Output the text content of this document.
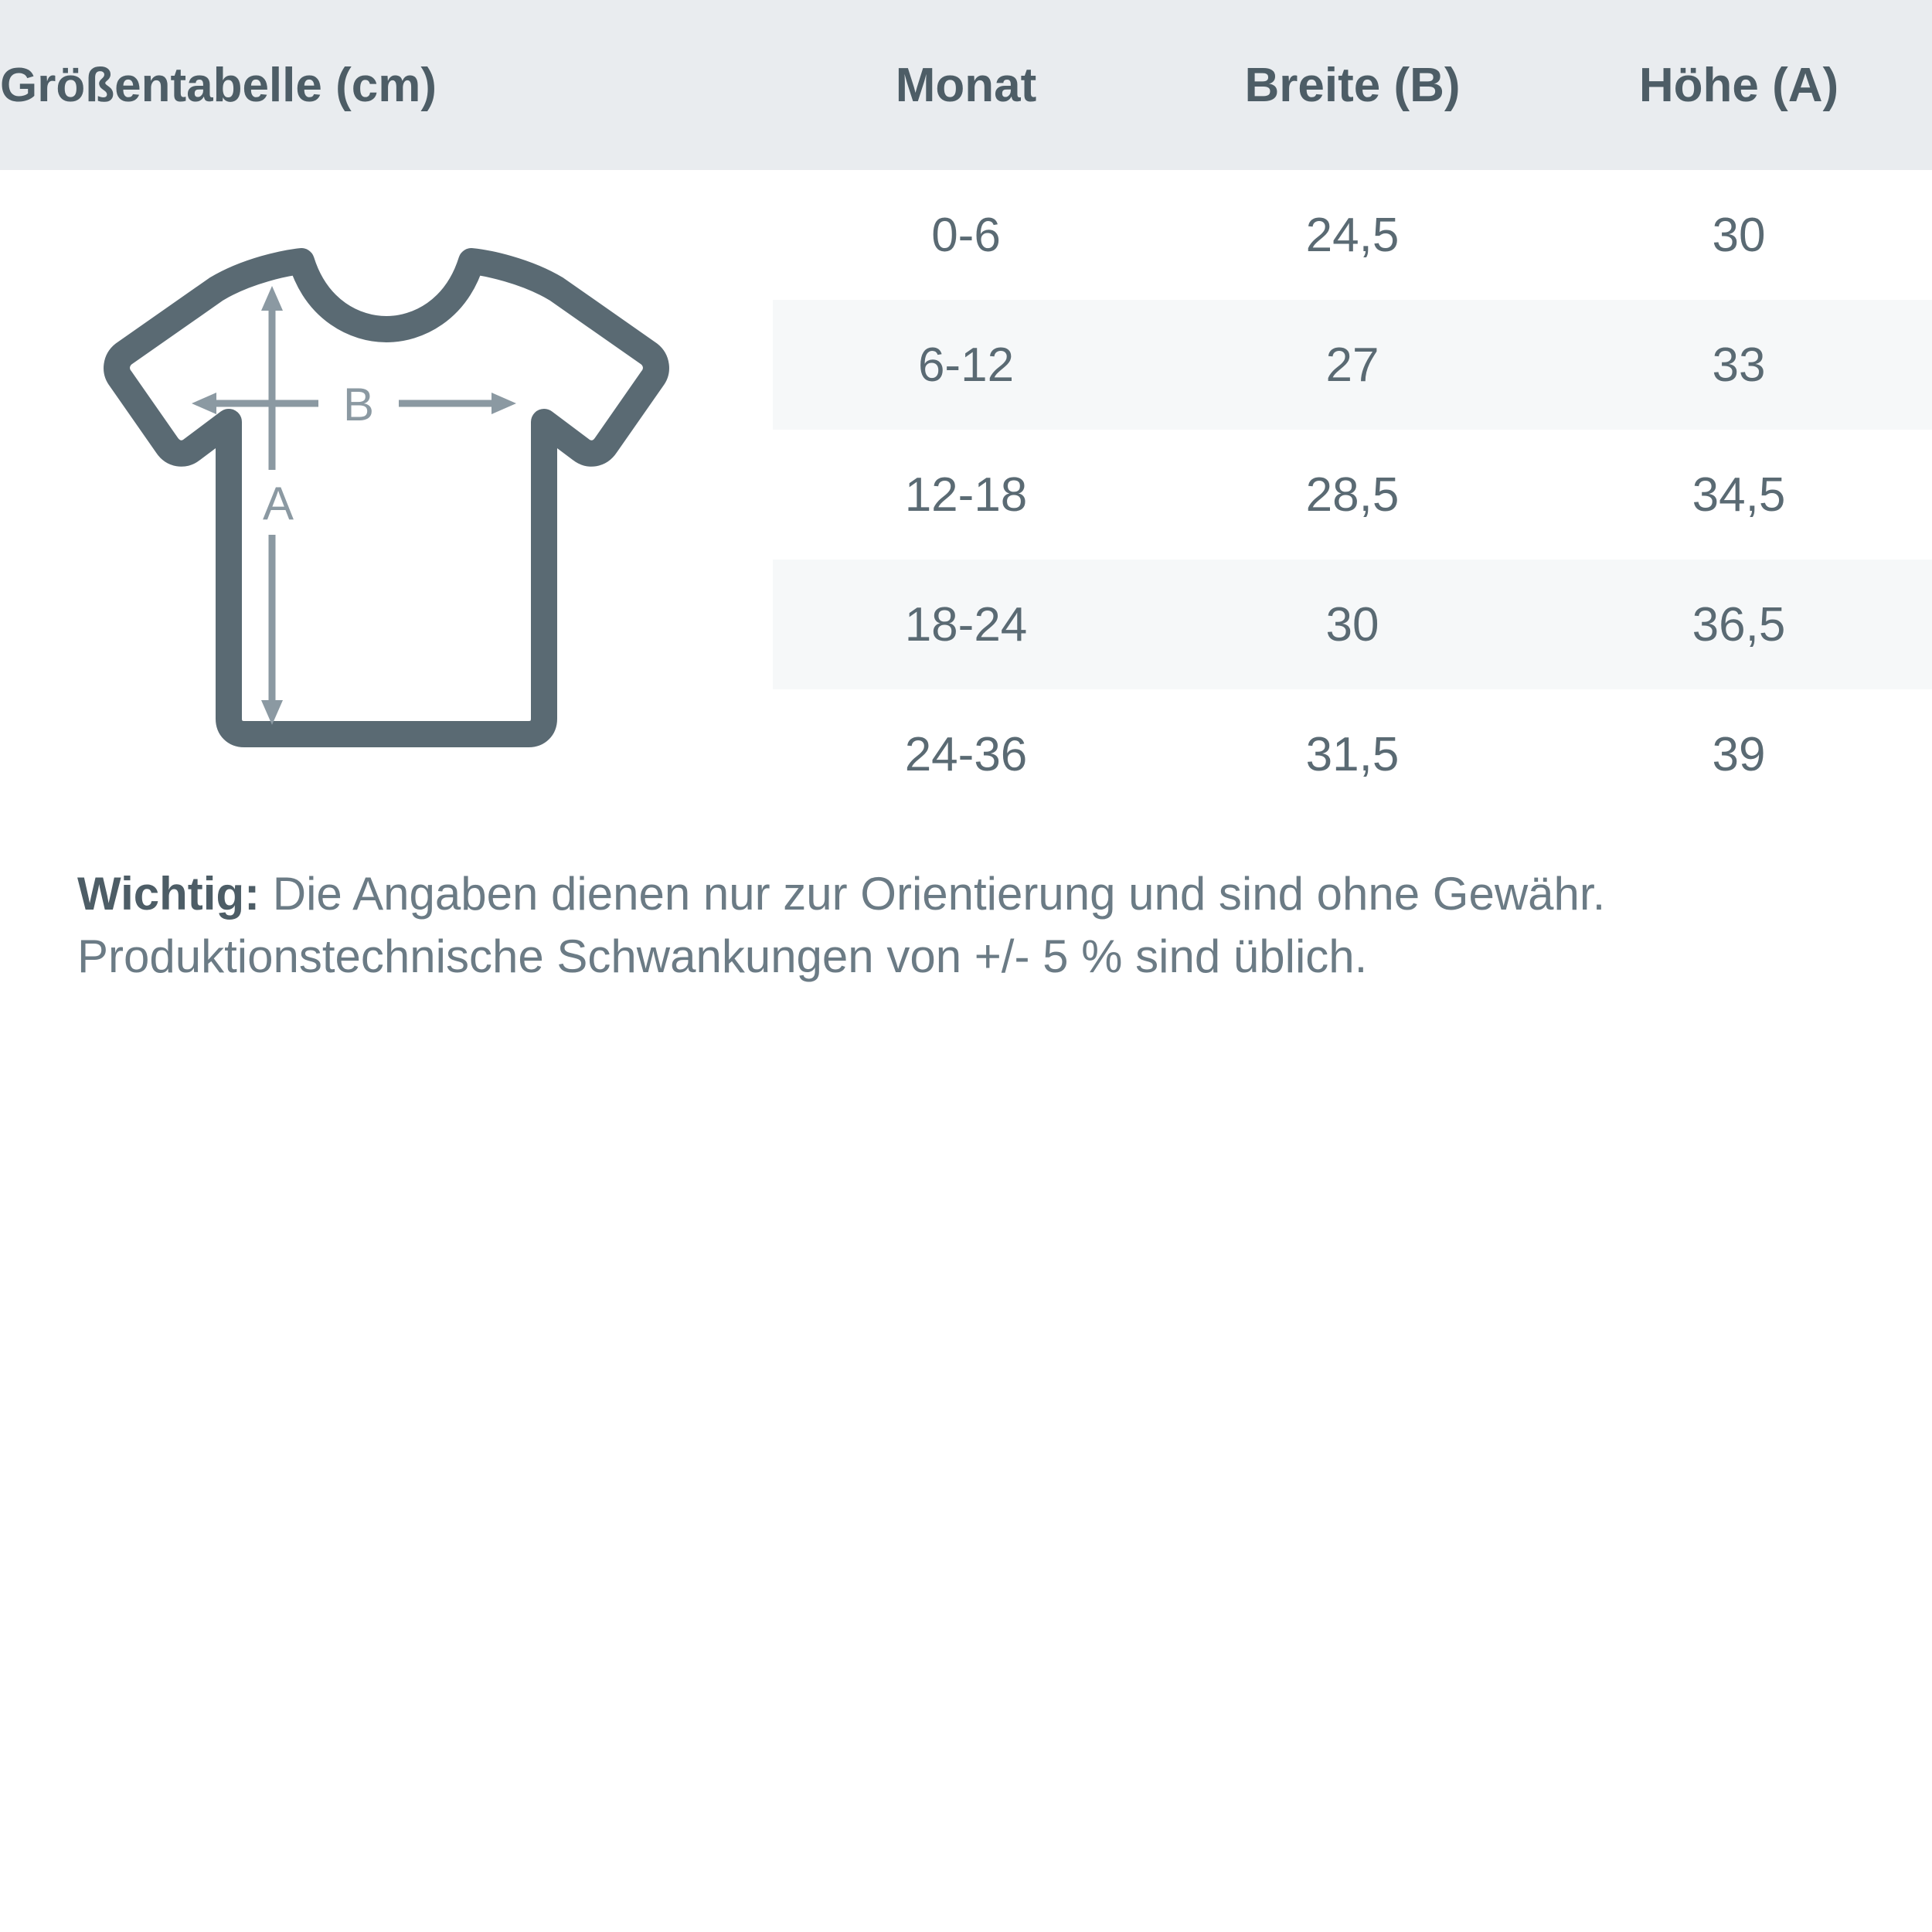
Größentabelle (cm)	Monat	Breite (B)	Höhe (A)

B
A	0-6	24,5	30
	6-12	27	33
	12-18	28,5	34,5
	18-24	30	36,5
	24-36	31,5	39

Wichtig: Die Angaben dienen nur zur Orientierung und sind ohne Gewähr.
Produktionstechnische Schwankungen von +/- 5 % sind üblich.
